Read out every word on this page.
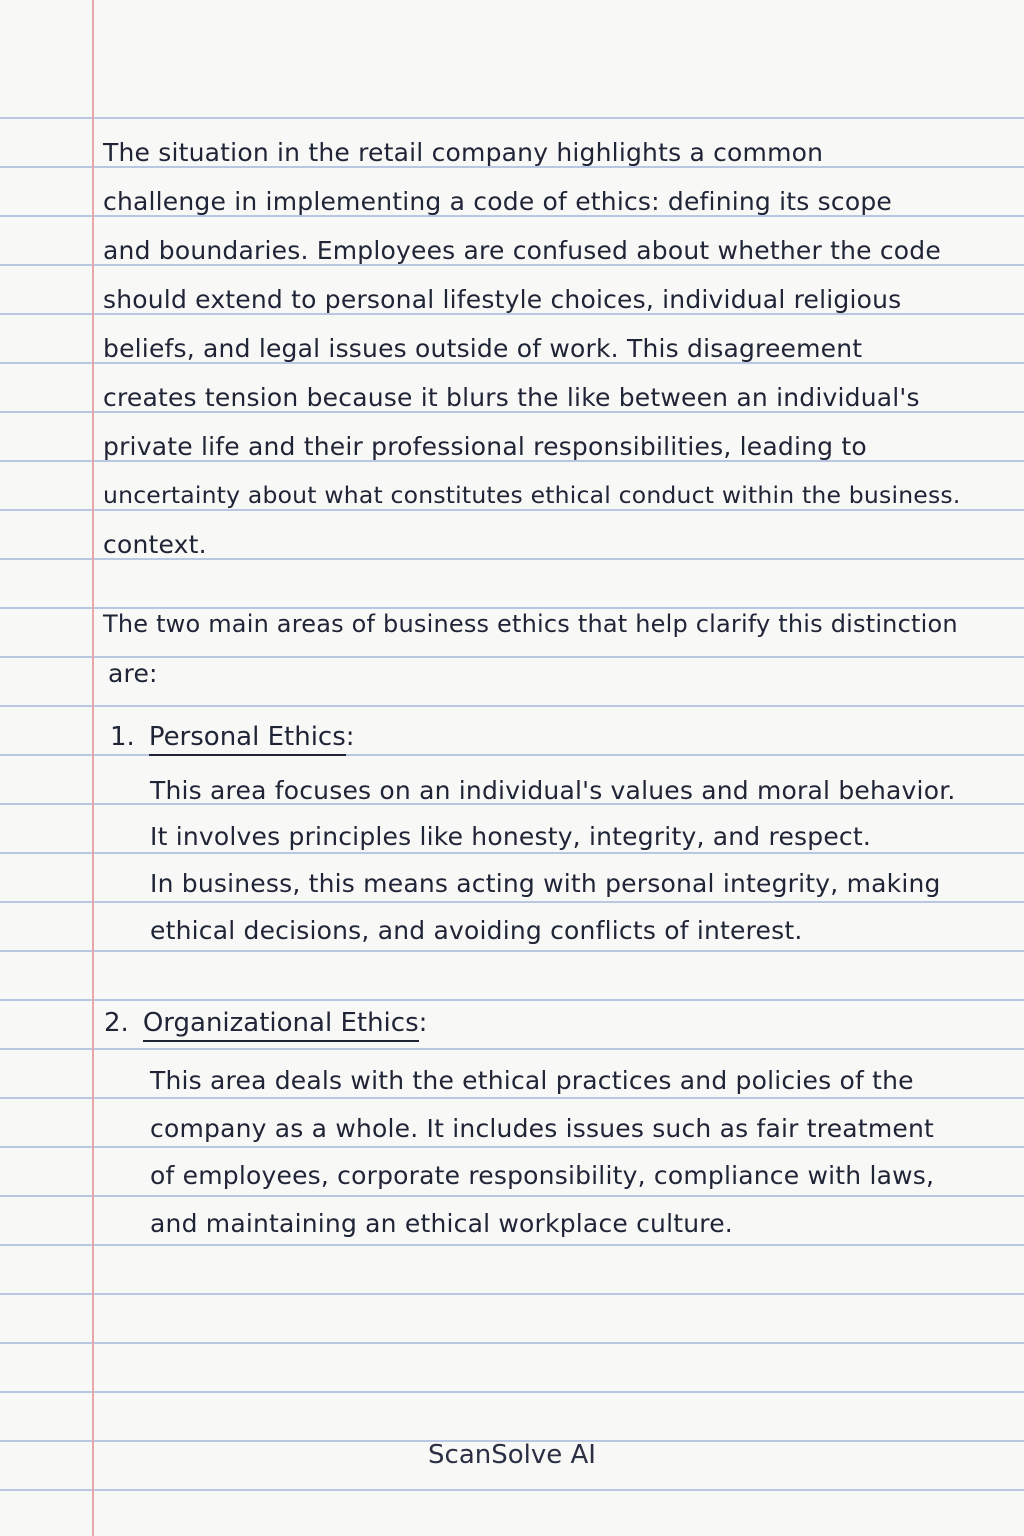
The situation in the retail company highlights a common
challenge in implementing a code of ethics: defining its scope
and boundaries. Employees are confused about whether the code
should extend to personal lifestyle choices, individual religious
beliefs, and legal issues outside of work. This disagreement
creates tension because it blurs the like between an individual's
private life and their professional responsibilities, leading to
uncertainty about what constitutes ethical conduct within the business.
context.
The two main areas of business ethics that help clarify this distinction
are:
1. Personal Ethics:
This area focuses on an individual's values and moral behavior.
It involves principles like honesty, integrity, and respect.
In business, this means acting with personal integrity, making
ethical decisions, and avoiding conflicts of interest.
2. Organizational Ethics:
This area deals with the ethical practices and policies of the
company as a whole. It includes issues such as fair treatment
of employees, corporate responsibility, compliance with laws,
and maintaining an ethical workplace culture.
ScanSolve AI
